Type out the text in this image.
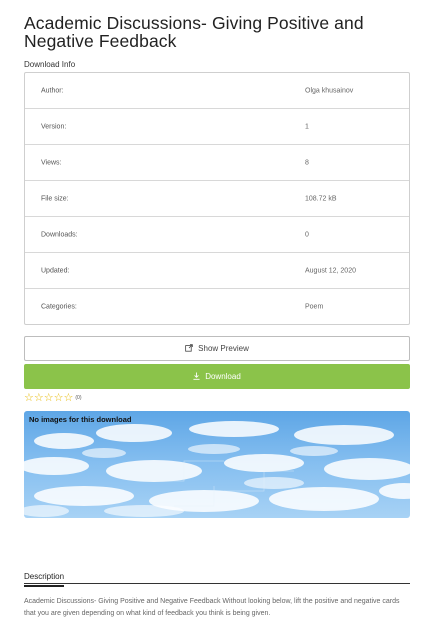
Academic Discussions- Giving Positive and Negative Feedback
Download Info
Author:	Olga khusainov
Version:	1
Views:	8
File size:	108.72 kB
Downloads:	0
Updated:	August 12, 2020
Categories:	Poem
Show Preview
Download
☆ ☆ ☆ ☆ ☆ (0)
No images for this download
Description
Academic Discussions- Giving Positive and Negative Feedback Without looking below, lift the positive and negative cards that you are given depending on what kind of feedback you think is being given.
